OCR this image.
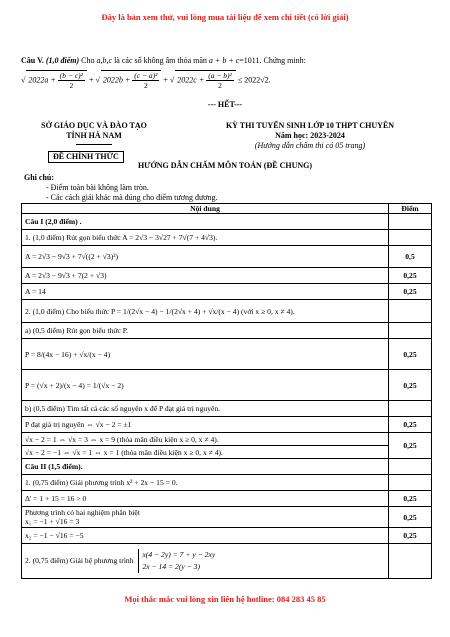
Đây là bản xem thử, vui lòng mua tài liệu để xem chi tiết (có lời giải)
Câu V. (1,0 điểm) Cho a,b,c là các số không âm thỏa mãn a + b + c=1011. Chứng minh:
√ $2022a + \frac{\text{(b − c)²}}{2}$ + √ $2022b + \frac{\text{(c − a)²}}{2}$ + √ $2022c + \frac{\text{(a − b)²}}{2} \le 2022√2$.
--- HẾT---
SỞ GIÁO DỤC VÀ ĐÀO TẠO
TỈNH HÀ NAM
KỲ THI TUYỂN SINH LỚP 10 THPT CHUYÊN
Năm học: 2023-2024
(Hướng dẫn chấm thi có 05 trang)
ĐỀ CHÍNH THỨC
HƯỚNG DẪN CHẤM MÔN TOÁN (ĐỀ CHUNG)
Ghi chú:
- Điểm toàn bài không làm tròn.
- Các cách giải khác mà đúng cho điểm tương đương.
Nội dung	Điểm
Câu I (2,0 điểm) .	
1. (1,0 điểm) Rút gọn biểu thức A = 2√3 − 3√27 + 7√(7 + 4√3).	
A = 2√3 − 9√3 + 7√((2 + √3)²)	0,5
A = 2√3 − 9√3 + 7(2 + √3)	0,25
A = 14	0,25
2. (1,0 điểm) Cho biểu thức P = 1/(2√x − 4) − 1/(2√x + 4) + √x/(x − 4) (với x ≥ 0, x ≠ 4).	
a) (0,5 điểm) Rút gọn biểu thức P.	
P = 8/(4x − 16) + √x/(x − 4)	0,25
P = (√x + 2)/(x − 4) = 1/(√x − 2)	0,25
b) (0,5 điểm) Tìm tất cả các số nguyên x để P đạt giá trị nguyên.	
P đạt giá trị nguyên ⇔ √x − 2 = ±1	0,25
√x − 2 = 1 ⇔ √x = 3 ⇔ x = 9 (thỏa mãn điều kiện x ≥ 0, x ≠ 4).	0,25
√x − 2 = −1 ⇔ √x = 1 ⇔ x = 1 (thỏa mãn điều kiện x ≥ 0, x ≠ 4).	
Câu II (1,5 điểm).	
1. (0,75 điểm) Giải phương trình x² + 2x − 15 = 0.	
Δ' = 1 + 15 = 16 > 0	0,25

Phương trình có hai nghiệm phân biệt
x₁ = −1 + √16 = 3	0,25
x₂ = −1 − √16 = −5	0,25
2. (0,75 điểm) Giải hệ phương trình
x(4 − 2y) = 7 + y − 2xy
2x − 14 = 2(y − 3)	

Mọi thắc mắc vui lòng xin liên hệ hotline: 084 283 45 85
